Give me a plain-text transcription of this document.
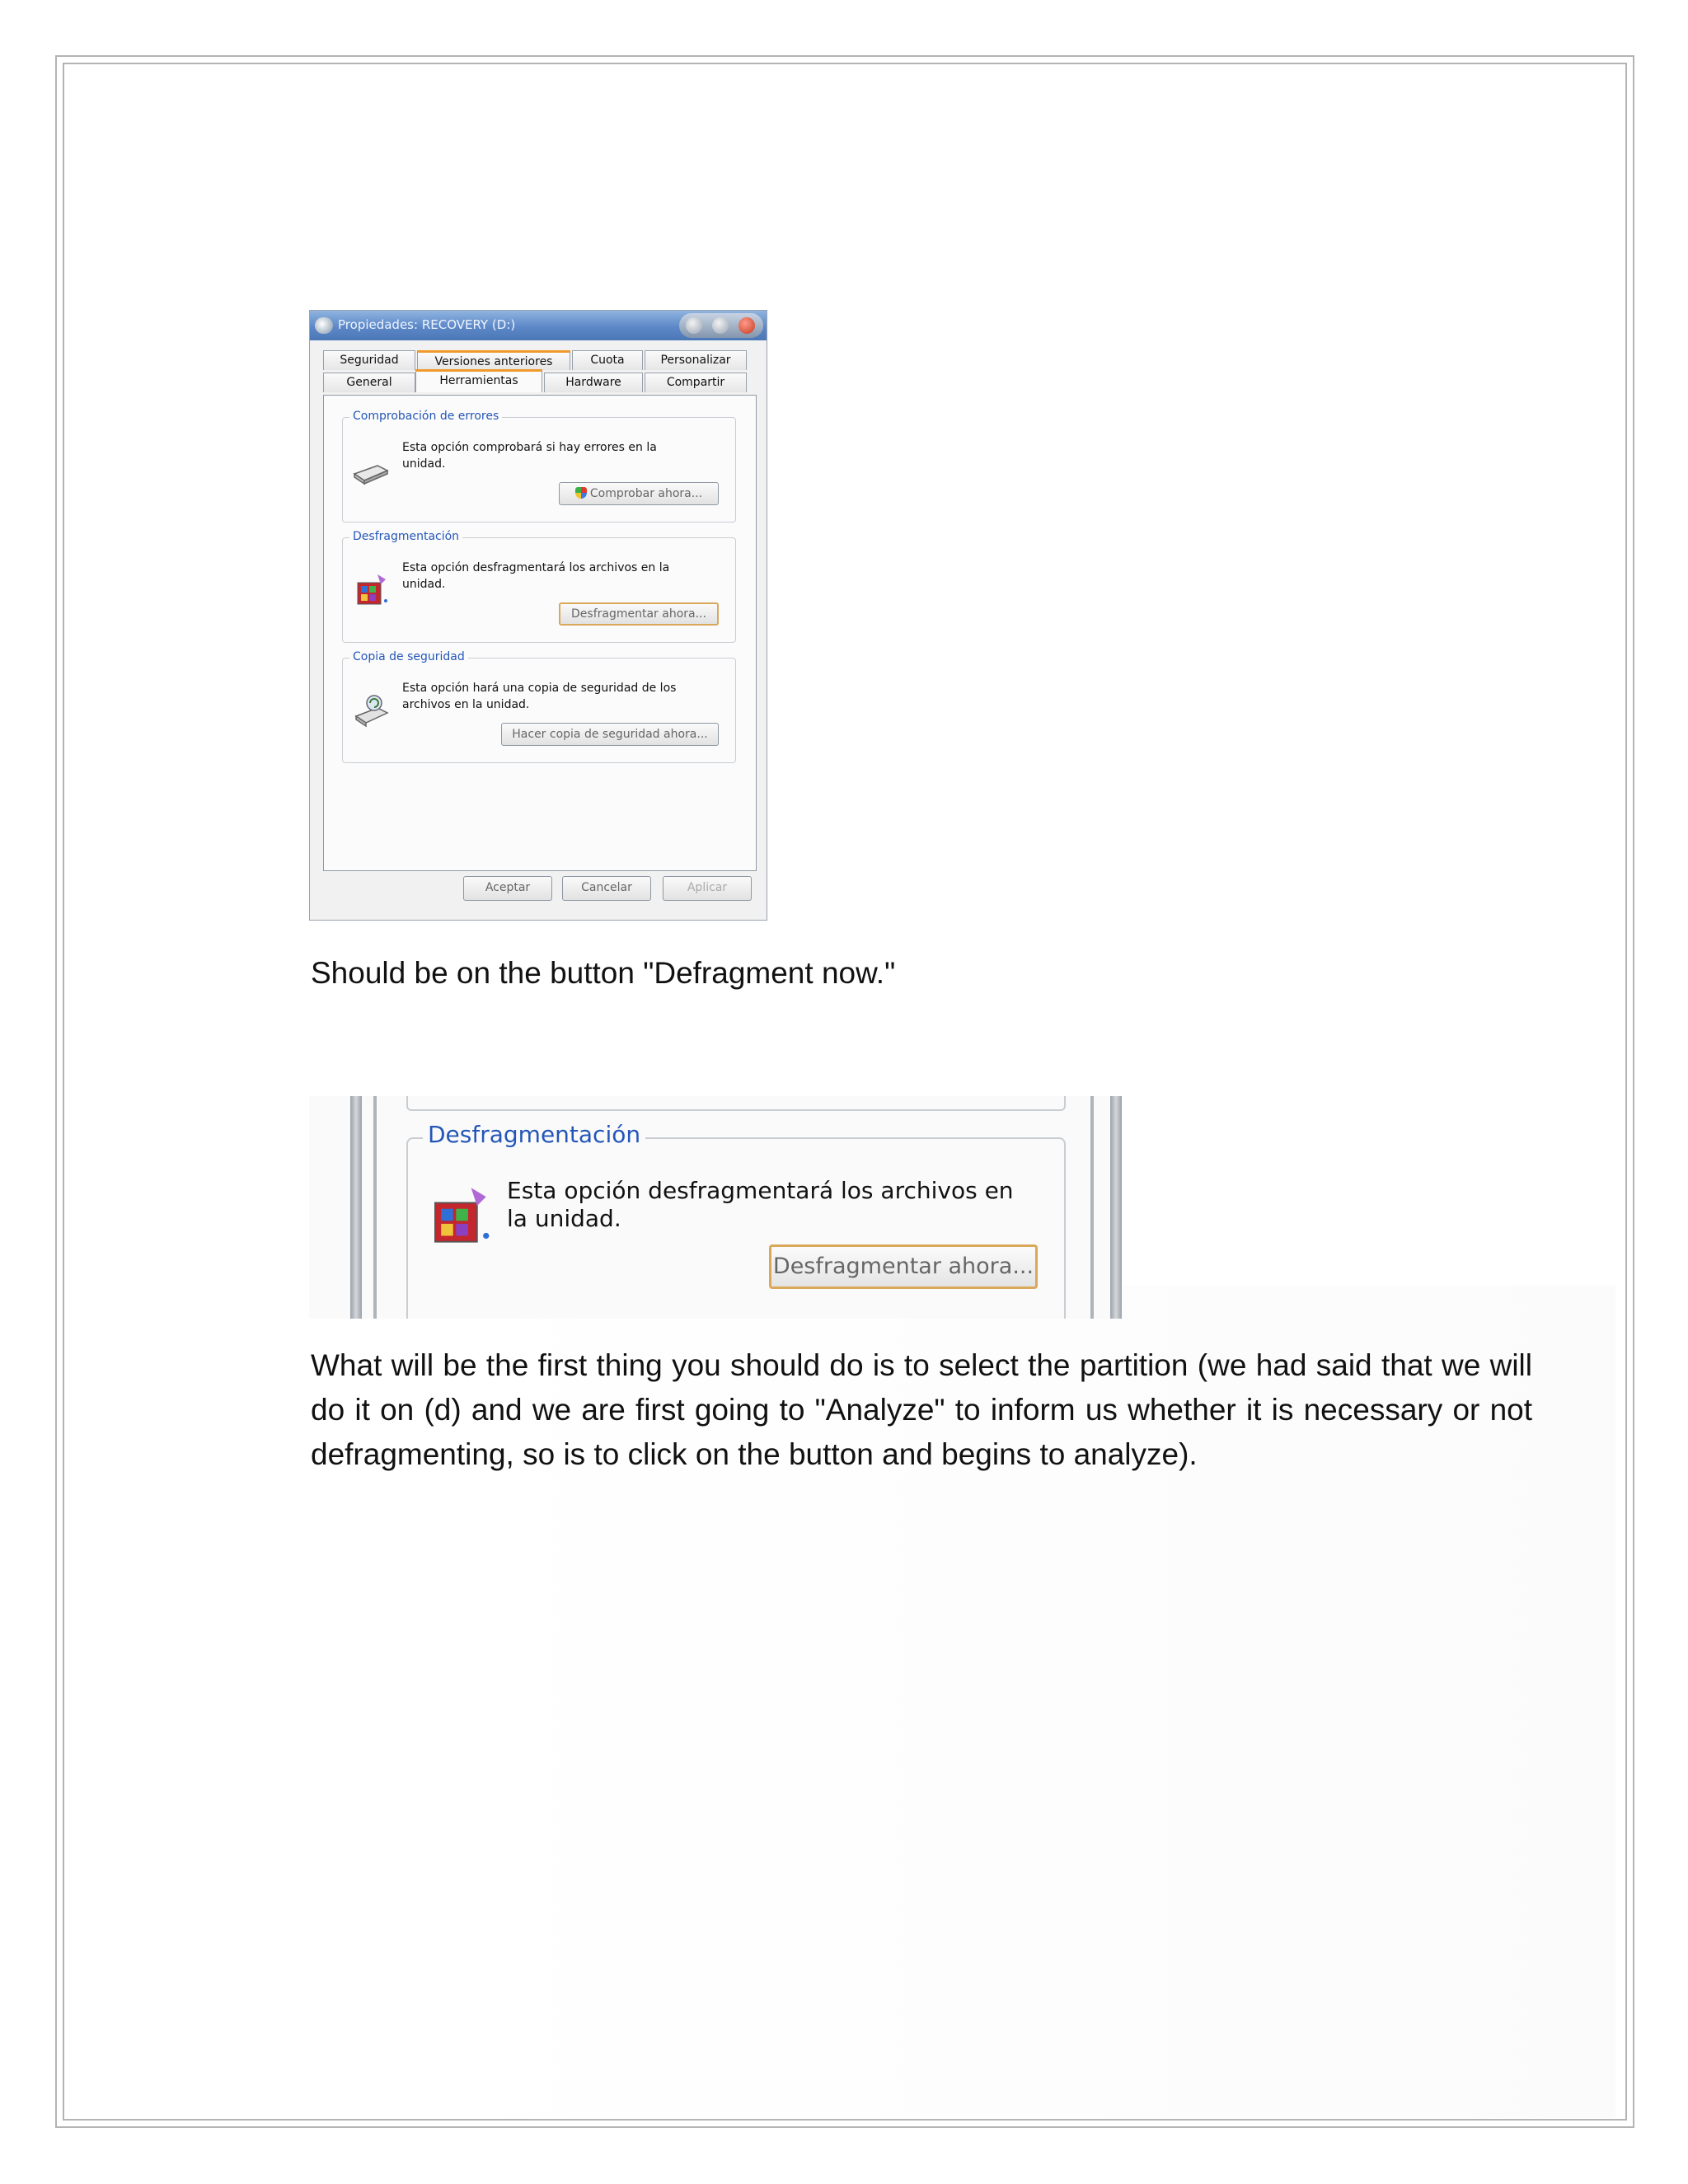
Propiedades: RECOVERY (D:)
Seguridad	Versiones anteriores	Cuota	Personalizar
General	Herramientas	Hardware	Compartir
Comprobación de errores
Esta opción comprobará si hay errores en la unidad.
Comprobar ahora...
Desfragmentación
Esta opción desfragmentará los archivos en la unidad.
Desfragmentar ahora...
Copia de seguridad
Esta opción hará una copia de seguridad de los archivos en la unidad.
Hacer copia de seguridad ahora...
Aceptar	Cancelar	Aplicar
Should be on the button "Defragment now."
Desfragmentación
Esta opción desfragmentará los archivos en la unidad.
Desfragmentar ahora...
What will be the first thing you should do is to select the partition (we had said that we will do it on (d) and we are first going to "Analyze" to inform us whether it is necessary or not defragmenting, so is to click on the button and begins to analyze).
